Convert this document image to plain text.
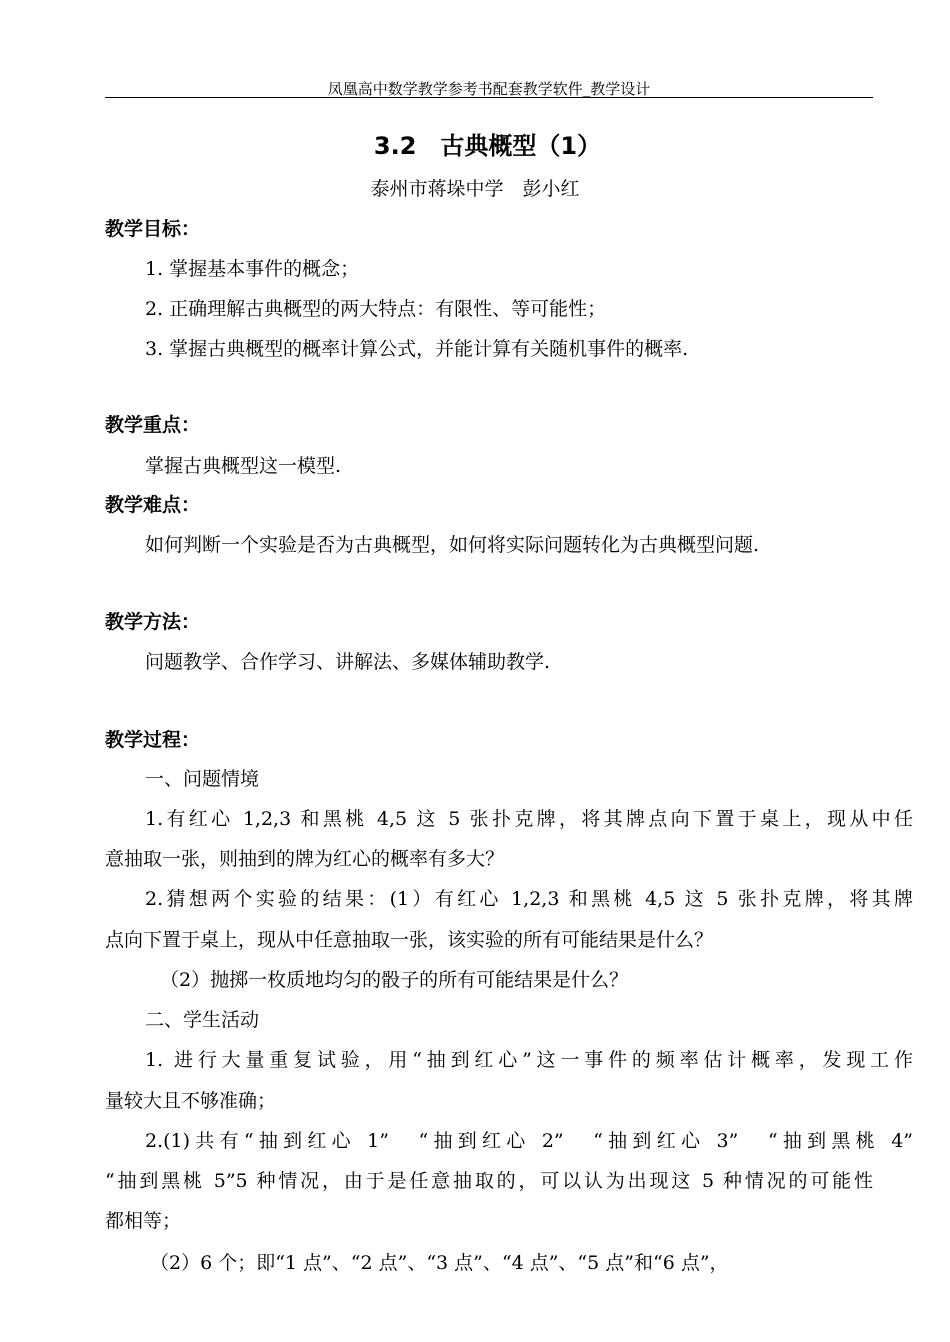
凤凰高中数学教学参考书配套教学软件_教学设计
3.2　古典概型（1）
泰州市蒋垛中学　彭小红
教学目标：
1. 掌握基本事件的概念；
2. 正确理解古典概型的两大特点：有限性、等可能性；
3. 掌握古典概型的概率计算公式，并能计算有关随机事件的概率.
教学重点：
掌握古典概型这一模型.
教学难点：
如何判断一个实验是否为古典概型，如何将实际问题转化为古典概型问题.
教学方法：
问题教学、合作学习、讲解法、多媒体辅助教学.
教学过程：
一、问题情境
1.有红心 1,2,3 和黑桃 4,5 这 5 张扑克牌，将其牌点向下置于桌上，现从中任
意抽取一张，则抽到的牌为红心的概率有多大？
2.猜想两个实验的结果：(1）有红心 1,2,3 和黑桃 4,5 这 5 张扑克牌，将其牌
点向下置于桌上，现从中任意抽取一张，该实验的所有可能结果是什么？
（2）抛掷一枚质地均匀的骰子的所有可能结果是什么？
二、学生活动
1. 进行大量重复试验，用“抽到红心”这一事件的频率估计概率，发现工作
量较大且不够准确；
2.(1)共有“抽到红心 1”　“抽到红心 2”　“抽到红心 3”　“抽到黑桃 4”
“抽到黑桃 5”5 种情况，由于是任意抽取的，可以认为出现这 5 种情况的可能性
都相等；
（2）6 个；即“1 点”、“2 点”、“3 点”、“4 点”、“5 点”和“6 点”，
